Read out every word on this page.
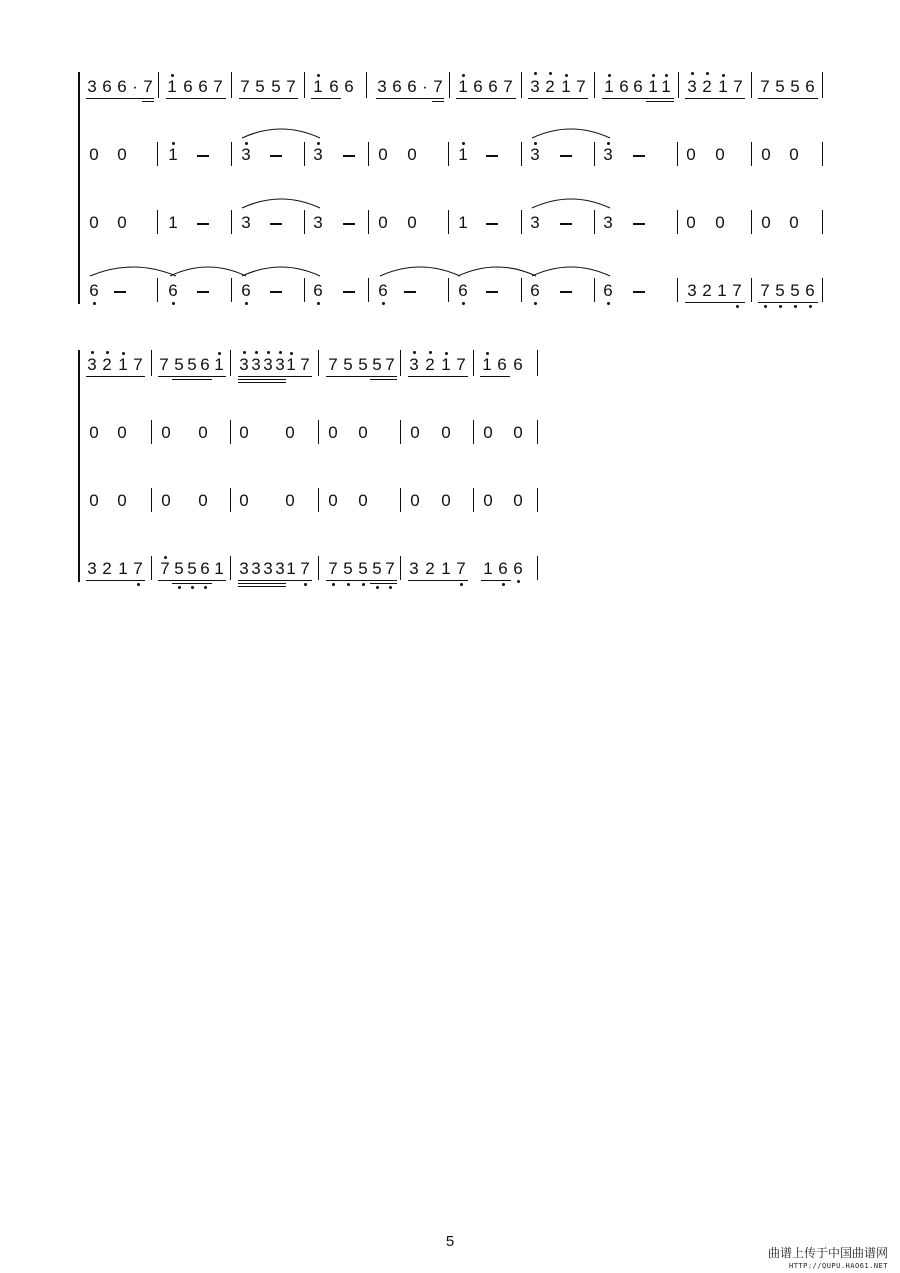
3 6 6 · 7 1 6 6 7 7 5 5 7 1 6 6 3 6 6 · 7 1 6 6 7 3 2 1 7 1 6 6 1 1 3 2 1 7 7 5 5 6
0 0 1	3	3	0 0 1	3	3	0 0 0 0
0 0 1	3	3	0 0 1	3	3	0 0 0 0
6	6	6	6	6	6	6	6	3 2 1 7 7 5 5 6
3 2 1 7 7 5 5 6 1 3 3 3 3 1 7 7 5 5 5 7 3 2 1 7 1 6 6
0 0 0 0 0 0 0 0	0 0 0 0
0 0 0 0 0 0 0 0	0 0 0 0
3 2 1 7 7 5 5 6 1 3 3 3 3 1 7 7 5 5 5 7 3 2 1 7 1 6 6
5
曲谱上传于中国曲谱网
HTTP://QUPU.HAO61.NET
